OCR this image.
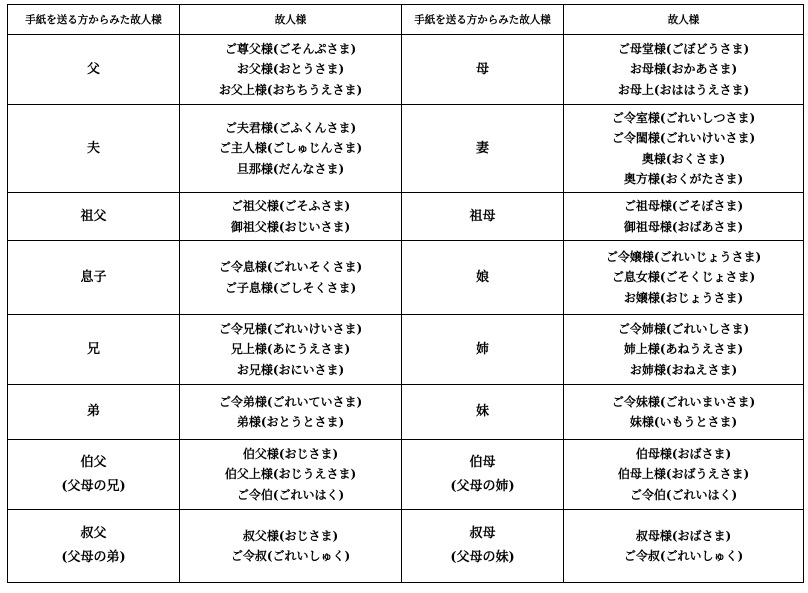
手紙を送る方からみた故人様	故人様	手紙を送る方からみた故人様	故人様

父	ご尊父様(ごそんぷさま)
お父様(おとうさま)
お父上様(おちちうえさま)	母	ご母堂様(ごぼどうさま)
お母様(おかあさま)
お母上(おははうえさま)

夫	ご夫君様(ごふくんさま)
ご主人様(ごしゅじんさま)
旦那様(だんなさま)	妻	ご令室様(ごれいしつさま)
ご令閨様(ごれいけいさま)
奥様(おくさま)
奥方様(おくがたさま)

祖父	ご祖父様(ごそふさま)
御祖父様(おじいさま)	祖母	ご祖母様(ごそぼさま)
御祖母様(おばあさま)

息子	ご令息様(ごれいそくさま)
ご子息様(ごしそくさま)	娘	ご令嬢様(ごれいじょうさま)
ご息女様(ごそくじょさま)
お嬢様(おじょうさま)

兄	ご令兄様(ごれいけいさま)
兄上様(あにうえさま)
お兄様(おにいさま)	姉	ご令姉様(ごれいしさま)
姉上様(あねうえさま)
お姉様(おねえさま)

弟	ご令弟様(ごれいていさま)
弟様(おとうとさま)	妹	ご令妹様(ごれいまいさま)
妹様(いもうとさま)

伯父
(父母の兄)	伯父様(おじさま)
伯父上様(おじうえさま)
ご令伯(ごれいはく)	伯母
(父母の姉)	伯母様(おばさま)
伯母上様(おばうえさま)
ご令伯(ごれいはく)

叔父
(父母の弟)	叔父様(おじさま)
ご令叔(ごれいしゅく)	叔母
(父母の妹)	叔母様(おばさま)
ご令叔(ごれいしゅく)
